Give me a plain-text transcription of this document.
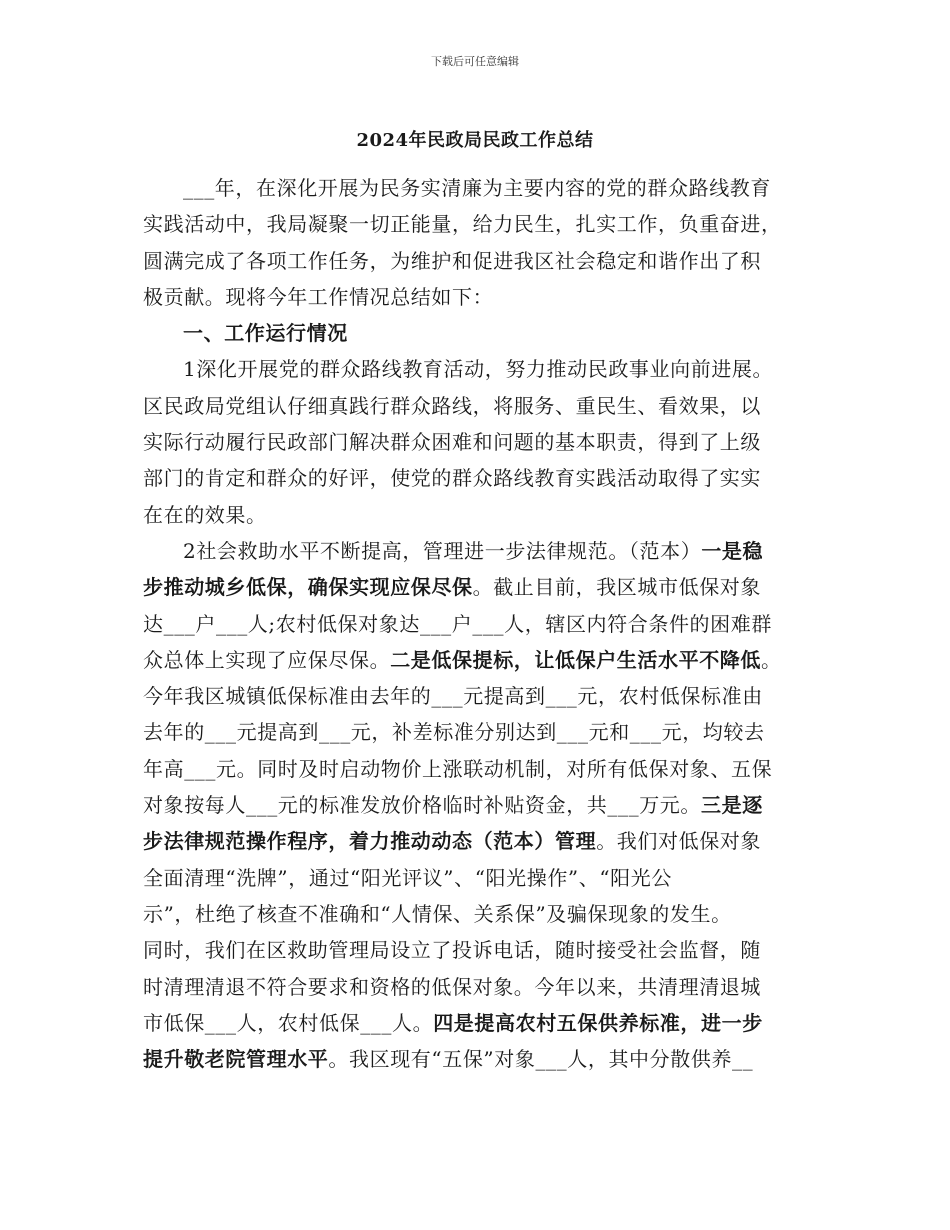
下载后可任意编辑
2024年民政局民政工作总结
___年，在深化开展为民务实清廉为主要内容的党的群众路线教育
实践活动中，我局凝聚一切正能量，给力民生，扎实工作，负重奋进，
圆满完成了各项工作任务，为维护和促进我区社会稳定和谐作出了积
极贡献。现将今年工作情况总结如下：
一、工作运行情况
1深化开展党的群众路线教育活动，努力推动民政事业向前进展。
区民政局党组认仔细真践行群众路线，将服务、重民生、看效果，以
实际行动履行民政部门解决群众困难和问题的基本职责，得到了上级
部门的肯定和群众的好评，使党的群众路线教育实践活动取得了实实
在在的效果。
2社会救助水平不断提高，管理进一步法律规范。（范本）一是稳
步推动城乡低保，确保实现应保尽保。截止目前，我区城市低保对象
达___户___人;农村低保对象达___户___人，辖区内符合条件的困难群
众总体上实现了应保尽保。二是低保提标，让低保户生活水平不降低。
今年我区城镇低保标准由去年的___元提高到___元，农村低保标准由
去年的___元提高到___元，补差标准分别达到___元和___元，均较去
年高___元。同时及时启动物价上涨联动机制，对所有低保对象、五保
对象按每人___元的标准发放价格临时补贴资金，共___万元。三是逐
步法律规范操作程序，着力推动动态（范本）管理。我们对低保对象
全面清理“洗牌”，通过“阳光评议”、“阳光操作”、“阳光公
示”，杜绝了核查不准确和“人情保、关系保”及骗保现象的发生。
同时，我们在区救助管理局设立了投诉电话，随时接受社会监督，随
时清理清退不符合要求和资格的低保对象。今年以来，共清理清退城
市低保___人，农村低保___人。四是提高农村五保供养标准，进一步
提升敬老院管理水平。我区现有“五保”对象___人，其中分散供养__
